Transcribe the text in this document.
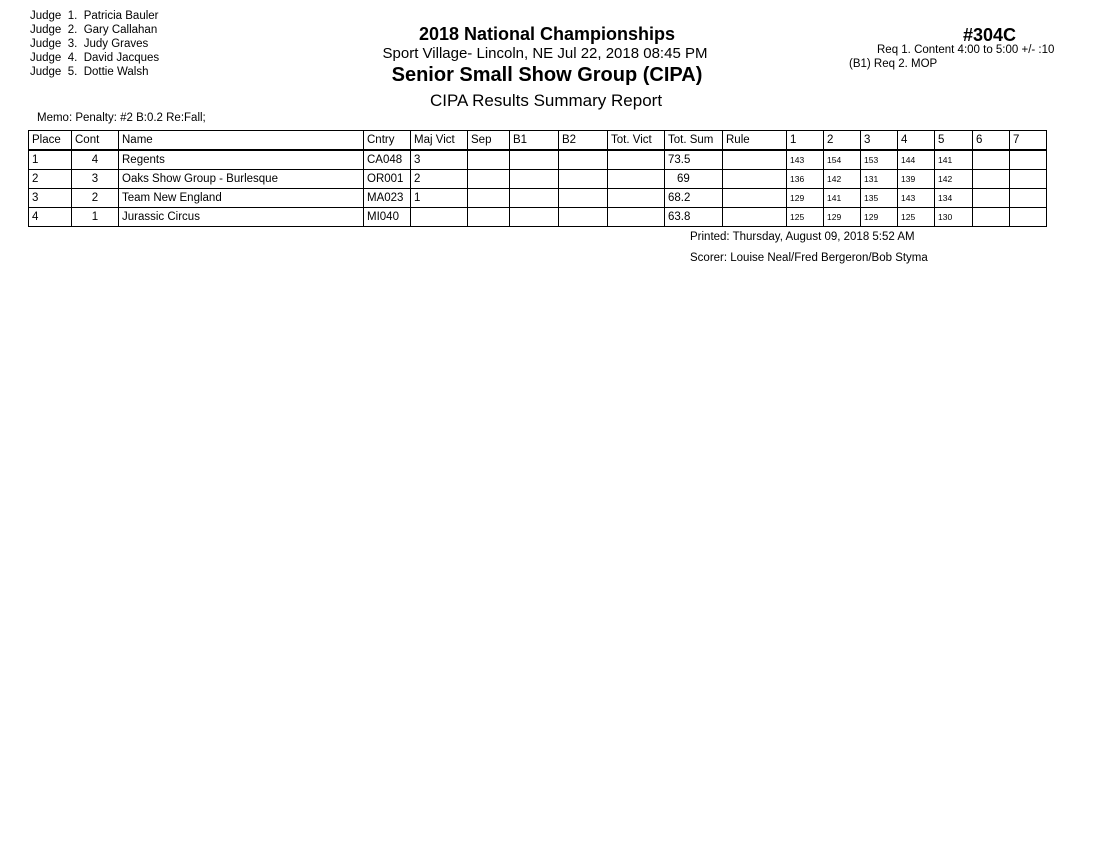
Judge 1. Patricia Bauler
Judge 2. Gary Callahan
Judge 3. Judy Graves
Judge 4. David Jacques
Judge 5. Dottie Walsh
2018 National Championships
Sport Village- Lincoln, NE Jul 22, 2018 08:45 PM
Senior Small Show Group (CIPA)
CIPA Results Summary Report
#304C
Req 1. Content 4:00 to 5:00 +/- :10
(B1) Req 2. MOP
Memo: Penalty: #2 B:0.2 Re:Fall;
Place	Cont	Name	Cntry	Maj Vict	Sep	B1	B2	Tot. Vict	Tot. Sum	Rule	1	2	3	4	5	6	7
1	4	Regents	CA048	3					73.5		143	154	153	144	141		
2	3	Oaks Show Group - Burlesque	OR001	2					69		136	142	131	139	142		
3	2	Team New England	MA023	1					68.2		129	141	135	143	134		
4	1	Jurassic Circus	MI040						63.8		125	129	129	125	130		
Printed: Thursday, August 09, 2018 5:52 AM
Scorer: Louise Neal/Fred Bergeron/Bob Styma
